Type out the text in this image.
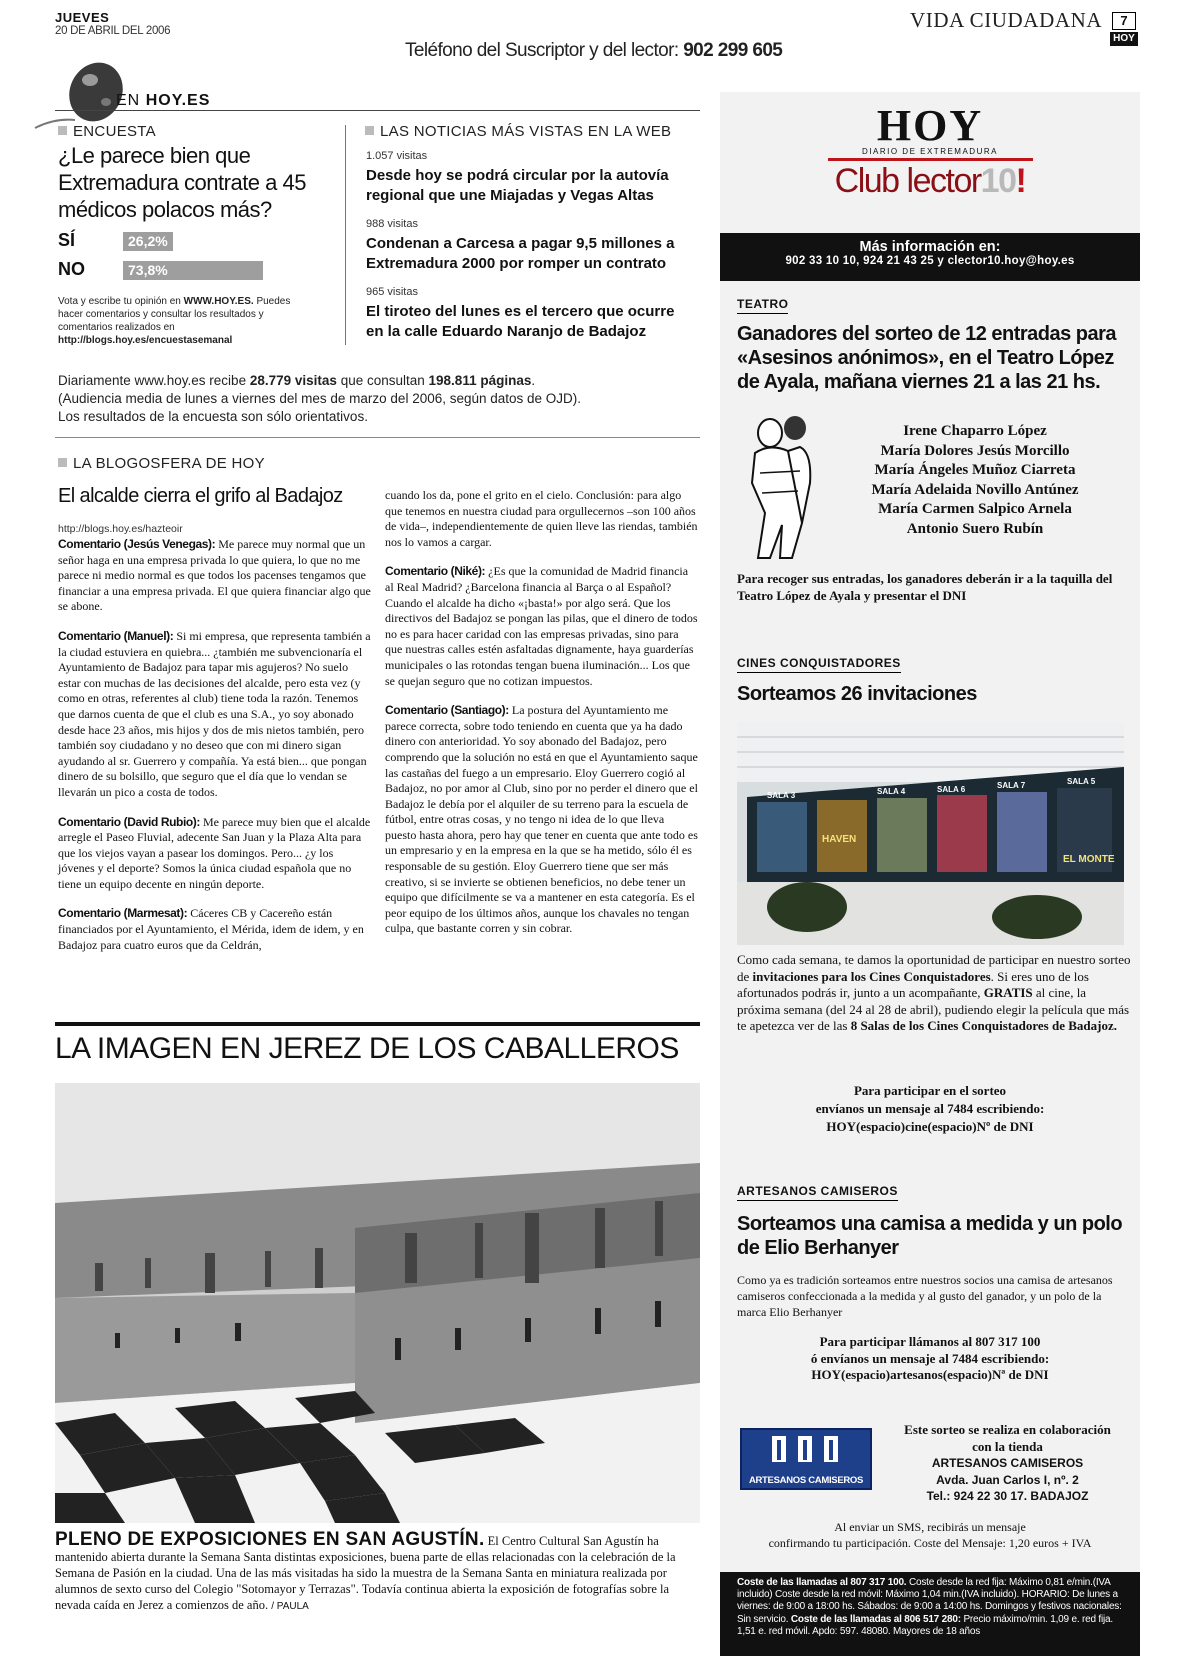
JUEVES
20 DE ABRIL DEL 2006
Teléfono del Suscriptor y del lector: 902 299 605
VIDA CIUDADANA	7
HOY
EN HOY.ES
ENCUESTA
¿Le parece bien que Extremadura contrate a 45 médicos polacos más?
SÍ	26,2%
NO	73,8%
Vota y escribe tu opinión en WWW.HOY.ES. Puedes hacer comentarios y consultar los resultados y comentarios realizados en http://blogs.hoy.es/encuestasemanal
LAS NOTICIAS MÁS VISTAS EN LA WEB
1.057 visitas
Desde hoy se podrá circular por la autovía regional que une Miajadas y Vegas Altas
988 visitas
Condenan a Carcesa a pagar 9,5 millones a Extremadura 2000 por romper un contrato
965 visitas
El tiroteo del lunes es el tercero que ocurre en la calle Eduardo Naranjo de Badajoz
Diariamente www.hoy.es recibe 28.779 visitas que consultan 198.811 páginas.
(Audiencia media de lunes a viernes del mes de marzo del 2006, según datos de OJD).
Los resultados de la encuesta son sólo orientativos.
LA BLOGOSFERA DE HOY
El alcalde cierra el grifo al Badajoz
http://blogs.hoy.es/hazteoir

Comentario (Jesús Venegas): Me parece muy normal que un señor haga en una empresa privada lo que quiera, lo que no me parece ni medio normal es que todos los pacenses tengamos que financiar a una empresa privada. El que quiera financiar algo que se abone.

Comentario (Manuel): Si mi empresa, que representa también a la ciudad estuviera en quiebra... ¿también me subvencionaría el Ayuntamiento de Badajoz para tapar mis agujeros? No suelo estar con muchas de las decisiones del alcalde, pero esta vez (y como en otras, referentes al club) tiene toda la razón. Tenemos que darnos cuenta de que el club es una S.A., yo soy abonado desde hace 23 años, mis hijos y dos de mis nietos también, pero también soy ciudadano y no deseo que con mi dinero sigan ayudando al sr. Guerrero y compañía. Ya está bien... que pongan dinero de su bolsillo, que seguro que el día que lo vendan se llevarán un pico a costa de todos.

Comentario (David Rubio): Me parece muy bien que el alcalde arregle el Paseo Fluvial, adecente San Juan y la Plaza Alta para que los viejos vayan a pasear los domingos. Pero... ¿y los jóvenes y el deporte? Somos la única ciudad española que no tiene un equipo decente en ningún deporte.

Comentario (Marmesat): Cáceres CB y Cacereño están financiados por el Ayuntamiento, el Mérida, idem de idem, y en Badajoz para cuatro euros que da Celdrán,

cuando los da, pone el grito en el cielo. Conclusión: para algo que tenemos en nuestra ciudad para orgullecernos –son 100 años de vida–, independientemente de quien lleve las riendas, también nos lo vamos a cargar.

Comentario (Niké): ¿Es que la comunidad de Madrid financia al Real Madrid? ¿Barcelona financia al Barça o al Español? Cuando el alcalde ha dicho «¡basta!» por algo será. Que los directivos del Badajoz se pongan las pilas, que el dinero de todos no es para hacer caridad con las empresas privadas, sino para que nuestras calles estén asfaltadas dignamente, haya guarderías municipales o las rotondas tengan buena iluminación... Los que se quejan seguro que no cotizan impuestos.

Comentario (Santiago): La postura del Ayuntamiento me parece correcta, sobre todo teniendo en cuenta que ya ha dado dinero con anterioridad. Yo soy abonado del Badajoz, pero comprendo que la solución no está en que el Ayuntamiento saque las castañas del fuego a un empresario. Eloy Guerrero cogió al Badajoz, no por amor al Club, sino por no perder el dinero que el Badajoz le debía por el alquiler de su terreno para la escuela de fútbol, entre otras cosas, y no tengo ni idea de lo que lleva puesto hasta ahora, pero hay que tener en cuenta que ante todo es un empresario y en la empresa en la que se ha metido, sólo él es responsable de su gestión. Eloy Guerrero tiene que ser más creativo, si se invierte se obtienen beneficios, no debe tener un equipo que difícilmente se va a mantener en esta categoría. Es el peor equipo de los últimos años, aunque los chavales no tengan culpa, que bastante corren y sin cobrar.

LA IMAGEN EN JEREZ DE LOS CABALLEROS
PLENO DE EXPOSICIONES EN SAN AGUSTÍN. El Centro Cultural San Agustín ha mantenido abierta durante la Semana Santa distintas exposiciones, buena parte de ellas relacionadas con la celebración de la Semana de Pasión en la ciudad. Una de las más visitadas ha sido la muestra de la Semana Santa en miniatura realizada por alumnos de sexto curso del Colegio "Sotomayor y Terrazas". Todavía continua abierta la exposición de fotografías sobre la nevada caída en Jerez a comienzos de año. / PAULA
HOY
DIARIO DE EXTREMADURA
Club lector10!
Más información en:
902 33 10 10, 924 21 43 25 y clector10.hoy@hoy.es
TEATRO
Ganadores del sorteo de 12 entradas para «Asesinos anónimos», en el Teatro López de Ayala, mañana viernes 21 a las 21 hs.
Irene Chaparro López
María Dolores Jesús Morcillo
María Ángeles Muñoz Ciarreta
María Adelaida Novillo Antúnez
María Carmen Salpico Arnela
Antonio Suero Rubín
Para recoger sus entradas, los ganadores deberán ir a la taquilla del Teatro López de Ayala y presentar el DNI
CINES CONQUISTADORES
Sorteamos 26 invitaciones
SALA 3	SALA 4	SALA 6	SALA 7	SALA 5
HAVEN
EL MONTE
Como cada semana, te damos la oportunidad de participar en nuestro sorteo de invitaciones para los Cines Conquistadores. Si eres uno de los afortunados podrás ir, junto a un acompañante, GRATIS al cine, la próxima semana (del 24 al 28 de abril), pudiendo elegir la película que más te apetezca ver de las 8 Salas de los Cines Conquistadores de Badajoz.
Para participar en el sorteo
envíanos un mensaje al 7484 escribiendo:
HOY(espacio)cine(espacio)Nº de DNI
ARTESANOS CAMISEROS
Sorteamos una camisa a medida y un polo de Elio Berhanyer
Como ya es tradición sorteamos entre nuestros socios una camisa de artesanos camiseros confeccionada a la medida y al gusto del ganador, y un polo de la marca Elio Berhanyer
Para participar llámanos al 807 317 100
ó envíanos un mensaje al 7484 escribiendo:
HOY(espacio)artesanos(espacio)Nª de DNI
ARTESANOS CAMISEROS
Este sorteo se realiza en colaboración
con la tienda
ARTESANOS CAMISEROS
Avda. Juan Carlos I, nº. 2
Tel.: 924 22 30 17. BADAJOZ
Al enviar un SMS, recibirás un mensaje
confirmando tu participación. Coste del Mensaje: 1,20 euros + IVA
Coste de las llamadas al 807 317 100. Coste desde la red fija: Máximo 0,81 e/min.(IVA incluido) Coste desde la red móvil: Máximo 1,04 min.(IVA incluido). HORARIO: De lunes a viernes: de 9:00 a 18:00 hs. Sábados: de 9:00 a 14:00 hs. Domingos y festivos nacionales: Sin servicio. Coste de las llamadas al 806 517 280: Precio máximo/min. 1,09 e. red fija. 1,51 e. red móvil. Apdo: 597. 48080. Mayores de 18 años
